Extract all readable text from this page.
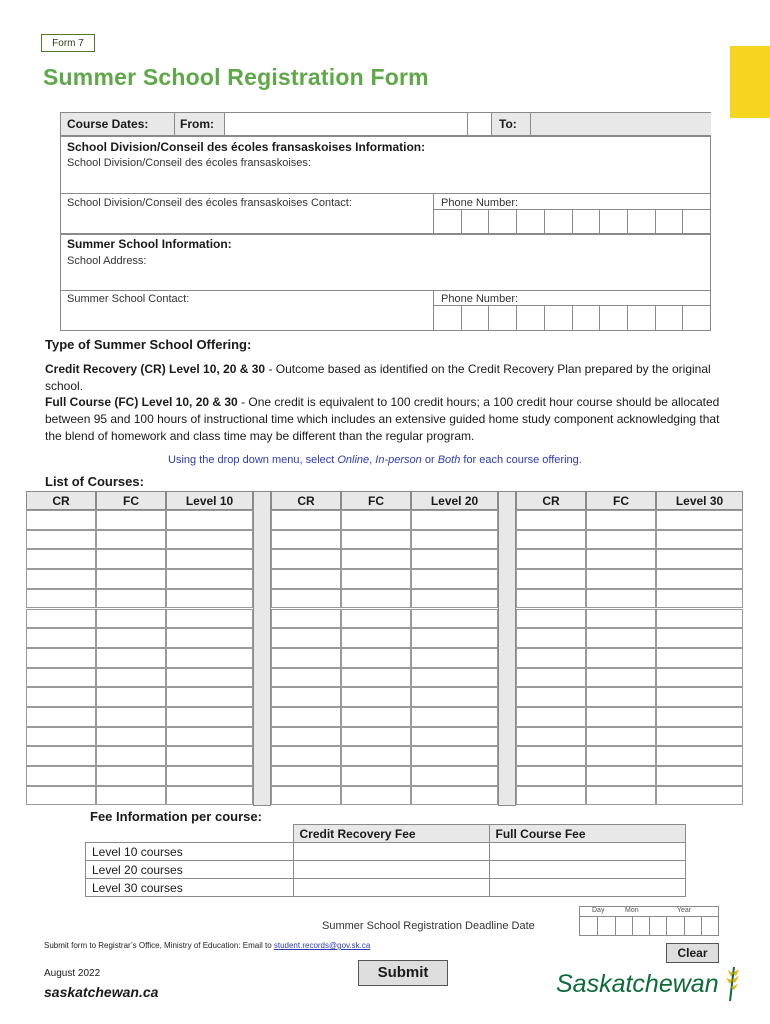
Form 7
Summer School Registration Form
Course Dates:	From:	To:
School Division/Conseil des écoles fransaskoises Information:
School Division/Conseil des écoles fransaskoises:
School Division/Conseil des écoles fransaskoises Contact:	Phone Number:
Summer School Information:
School Address:
Summer School Contact:	Phone Number:
Type of Summer School Offering:
Credit Recovery (CR) Level 10, 20 & 30 - Outcome based as identified on the Credit Recovery Plan prepared by the original school.
Full Course (FC) Level 10, 20 & 30 - One credit is equivalent to 100 credit hours; a 100 credit hour course should be allocated between 95 and 100 hours of instructional time which includes an extensive guided home study component acknowledging that the blend of homework and class time may be different than the regular program.
Using the drop down menu, select Online, In-person or Both for each course offering.
List of Courses:
CR	FC	Level 10	CR	FC	Level 20	CR	FC	Level 30
Fee Information per course:
	Credit Recovery Fee	Full Course Fee
Level 10 courses		
Level 20 courses		
Level 30 courses		
Summer School Registration Deadline Date
Day	Mon	Year
Submit form to Registrar’s Office, Ministry of Education: Email to student.records@gov.sk.ca
Clear
Submit
August 2022
saskatchewan.ca	Saskatchewan
